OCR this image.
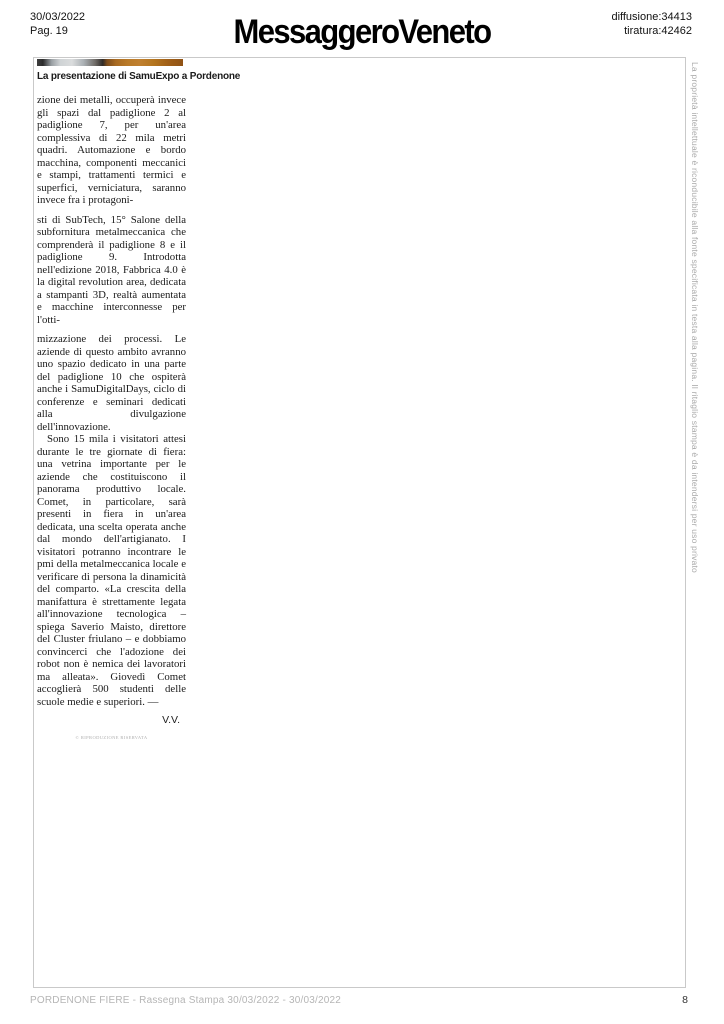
30/03/2022
Pag. 19	MessaggeroVeneto	diffusione:34413
tiratura:42462
La presentazione di SamuExpo a Pordenone

zione dei metalli, occuperà invece gli spazi dal padiglione 2 al padiglione 7, per un'area complessiva di 22 mila metri quadri. Automazione e bordo macchina, componenti meccanici e stampi, trattamenti termici e superfici, verniciatura, saranno invece fra i protagoni-

sti di SubTech, 15° Salone della subfornitura metalmeccanica che comprenderà il padiglione 8 e il padiglione 9. Introdotta nell'edizione 2018, Fabbrica 4.0 è la digital revolution area, dedicata a stampanti 3D, realtà aumentata e macchine interconnesse per l'otti-

mizzazione dei processi. Le aziende di questo ambito avranno uno spazio dedicato in una parte del padiglione 10 che ospiterà anche i SamuDigitalDays, ciclo di conferenze e seminari dedicati alla divulgazione dell'innovazione.

Sono 15 mila i visitatori attesi durante le tre giornate di fiera: una vetrina importante per le aziende che costituiscono il panorama produttivo locale. Comet, in particolare, sarà presenti in fiera in un'area dedicata, una scelta operata anche dal mondo dell'artigianato. I visitatori potranno incontrare le pmi della metalmeccanica locale e verificare di persona la dinamicità del comparto. «La crescita della manifattura è strettamente legata all'innovazione tecnologica – spiega Saverio Maisto, direttore del Cluster friulano – e dobbiamo convincerci che l'adozione dei robot non è nemica dei lavoratori ma alleata». Giovedì Comet accoglierà 500 studenti delle scuole medie e superiori. —

V.V.
© RIPRODUZIONE RISERVATA
La proprietà intellettuale è riconducibile alla fonte specificata in testa alla pagina. Il ritaglio stampa è da intendersi per uso privato
PORDENONE FIERE - Rassegna Stampa 30/03/2022 - 30/03/2022	8
